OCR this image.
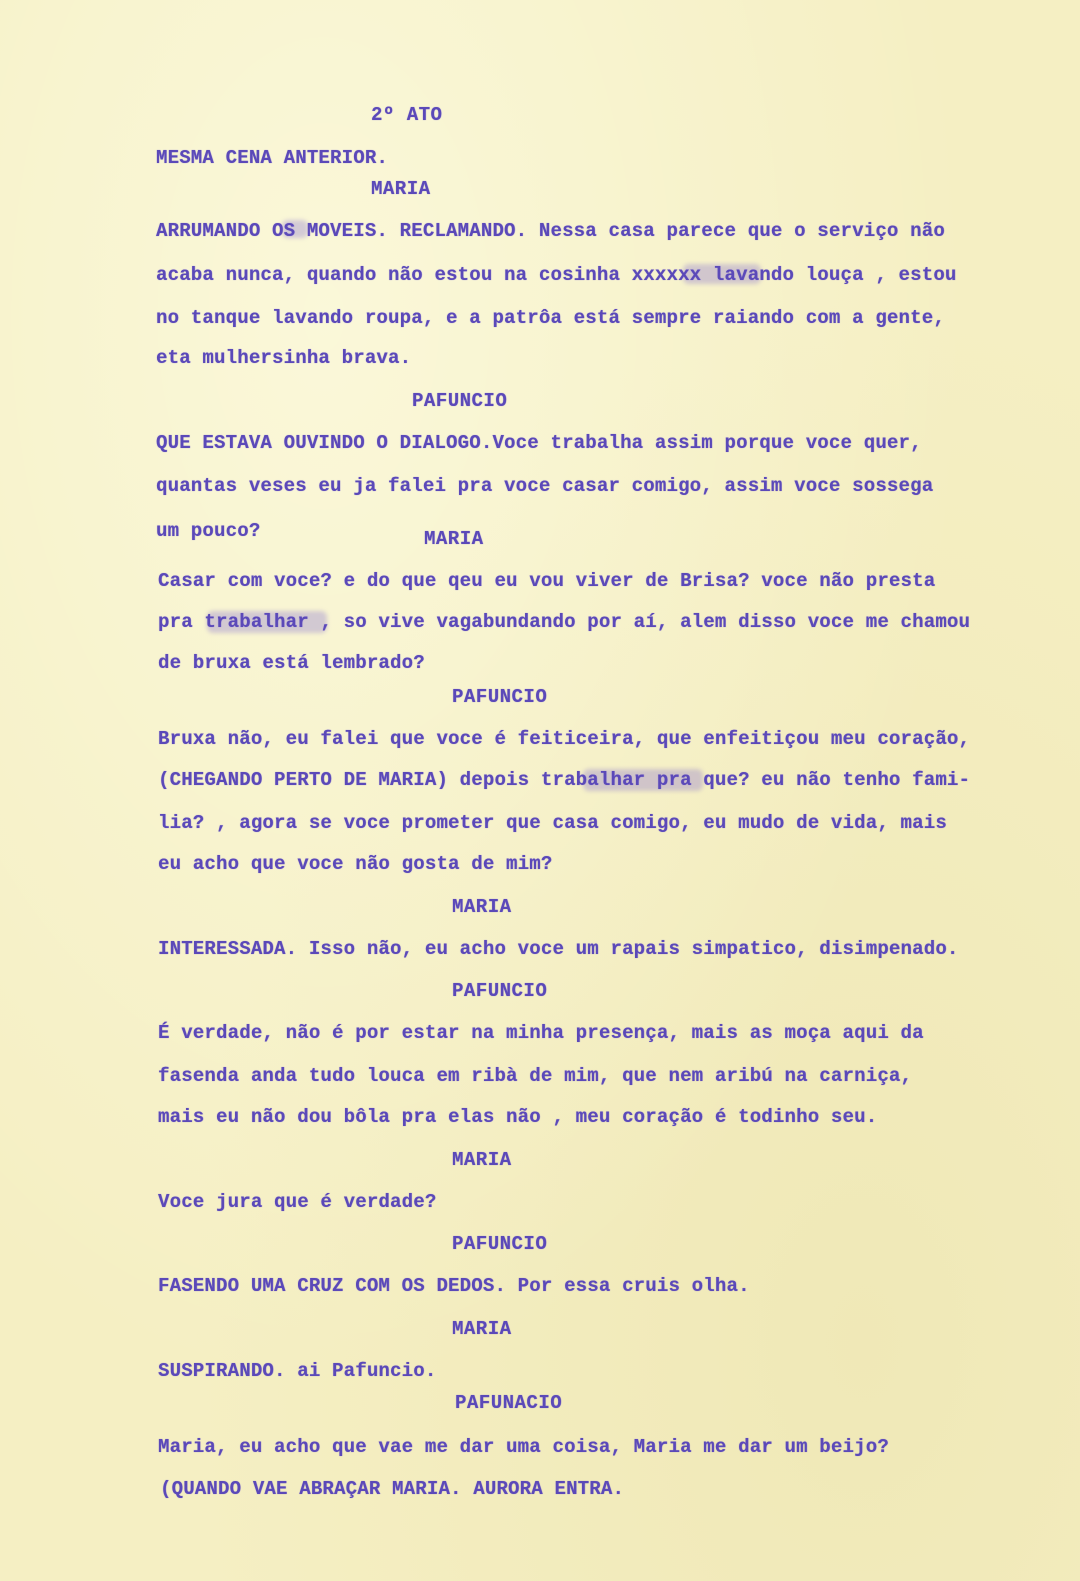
2º ATO

MESMA CENA ANTERIOR.

MARIA

ARRUMANDO OS MOVEIS. RECLAMANDO. Nessa casa parece que o serviço não

acaba nunca, quando não estou na cosinha xxxxxx lavando louça , estou

no tanque lavando roupa, e a patrôa está sempre raiando com a gente,

eta mulhersinha brava.

PAFUNCIO

QUE ESTAVA OUVINDO O DIALOGO.Voce trabalha assim porque voce quer,

quantas veses eu ja falei pra voce casar comigo, assim voce sossega

um pouco?	MARIA

Casar com voce? e do que qeu eu vou viver de Brisa? voce não presta

pra trabalhar , so vive vagabundando por aí, alem disso voce me chamou

de bruxa está lembrado?

PAFUNCIO

Bruxa não, eu falei que voce é feiticeira, que enfeitiçou meu coração,

(CHEGANDO PERTO DE MARIA) depois trabalhar pra que? eu não tenho fami-

lia? , agora se voce prometer que casa comigo, eu mudo de vida, mais

eu acho que voce não gosta de mim?

MARIA

INTERESSADA. Isso não, eu acho voce um rapais simpatico, disimpenado.

PAFUNCIO

É verdade, não é por estar na minha presença, mais as moça aqui da

fasenda anda tudo louca em ribà de mim, que nem aribú na carniça,

mais eu não dou bôla pra elas não , meu coração é todinho seu.

MARIA

Voce jura que é verdade?

PAFUNCIO

FASENDO UMA CRUZ COM OS DEDOS. Por essa cruis olha.

MARIA

SUSPIRANDO. ai Pafuncio.

PAFUNACIO

Maria, eu acho que vae me dar uma coisa, Maria me dar um beijo?

(QUANDO VAE ABRAÇAR MARIA. AURORA ENTRA.
